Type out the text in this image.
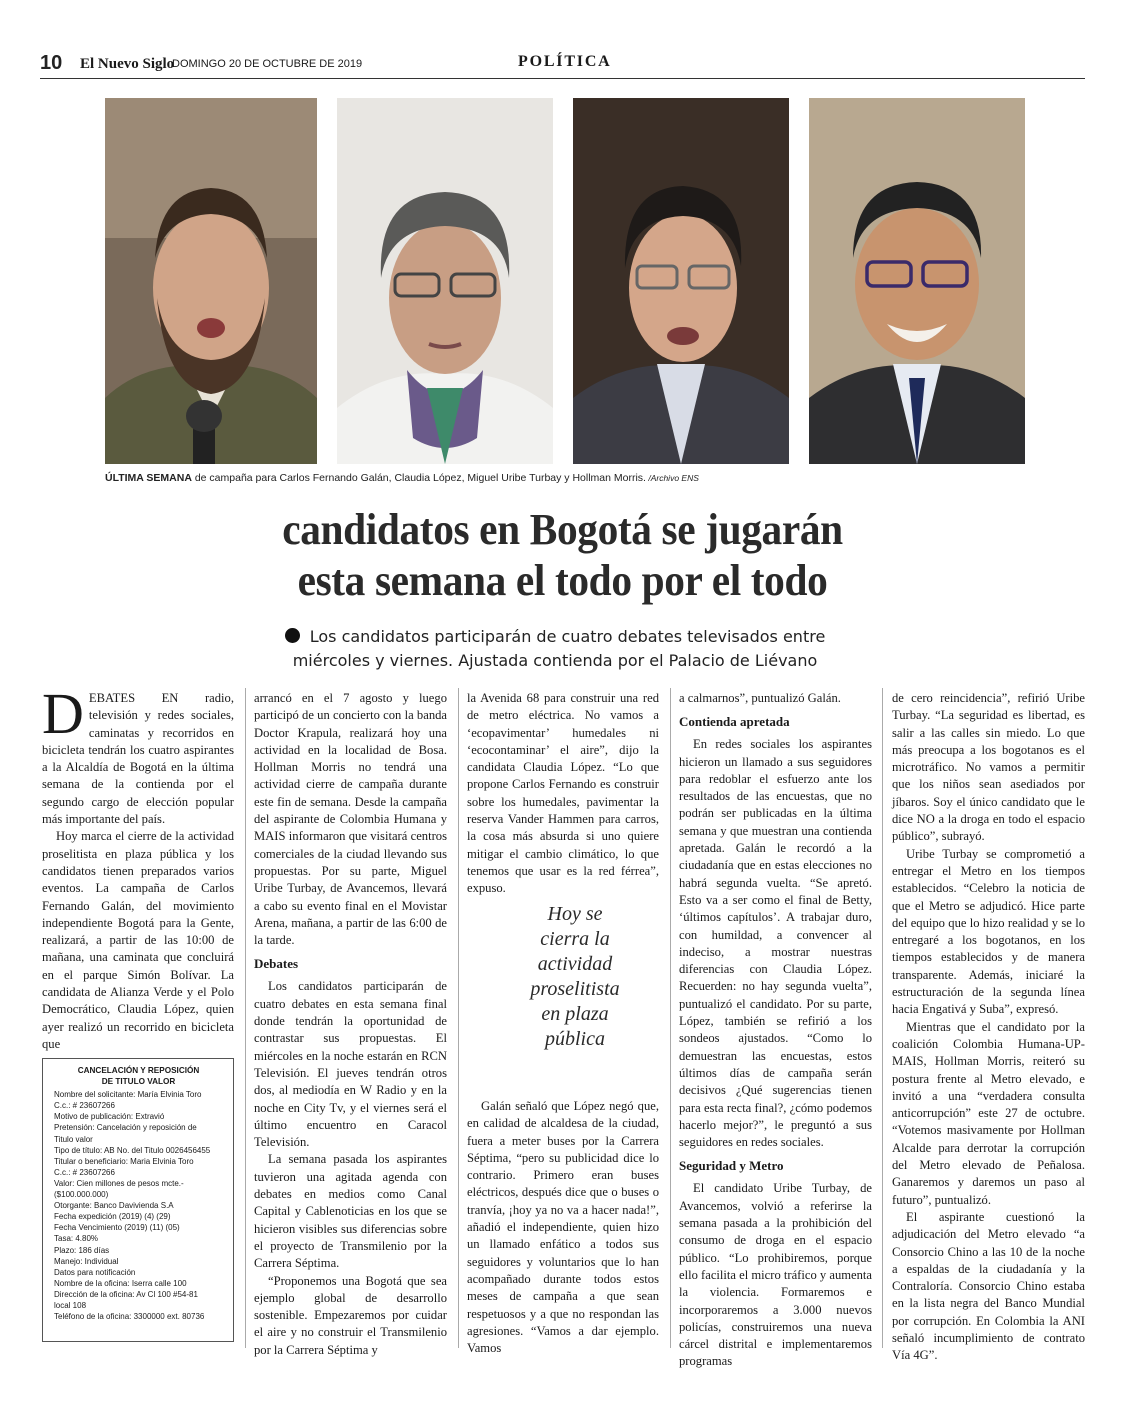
10 El Nuevo Siglo
DOMINGO 20 DE OCTUBRE DE 2019	POLÍTICA
ÚLTIMA SEMANA de campaña para Carlos Fernando Galán, Claudia López, Miguel Uribe Turbay y Hollman Morris. /Archivo ENS
candidatos en Bogotá se jugarán
esta semana el todo por el todo
Los candidatos participarán de cuatro debates televisados entre
miércoles y viernes. Ajustada contienda por el Palacio de Liévano

DEBATES EN radio, televisión y redes sociales, caminatas y recorridos en bicicleta tendrán los cuatro aspirantes a la Alcaldía de Bogotá en la última semana de la contienda por el segundo cargo de elección popular más importante del país.

Hoy marca el cierre de la actividad proselitista en plaza pública y los candidatos tienen preparados varios eventos. La campaña de Carlos Fernando Galán, del movimiento independiente Bogotá para la Gente, realizará, a partir de las 10:00 de mañana, una caminata que concluirá en el parque Simón Bolívar. La candidata de Alianza Verde y el Polo Democrático, Claudia López, quien ayer realizó un recorrido en bicicleta que

CANCELACIÓN Y REPOSICIÓN
DE TITULO VALOR
Nombre del solicitante: María Elvinia Toro
C.c.: # 23607266
Motivo de publicación: Extravió
Pretensión: Cancelación y reposición de
Titulo valor
Tipo de título: AB No. del Titulo 0026456455
Titular o beneficiario: Maria Elvinia Toro
C.c.: # 23607266
Valor: Cien millones de pesos mcte.-
($100.000.000)
Otorgante: Banco Davivienda S.A
Fecha expedición (2019) (4) (29)
Fecha Vencimiento (2019) (11) (05)
Tasa: 4.80%
Plazo: 186 días
Manejo: Individual
Datos para notificación
Nombre de la oficina: Iserra calle 100
Dirección de la oficina: Av Cl 100 #54-81
local 108
Teléfono de la oficina: 3300000 ext. 80736

arrancó en el 7 agosto y luego participó de un concierto con la banda Doctor Krapula, realizará hoy una actividad en la localidad de Bosa. Hollman Morris no tendrá una actividad cierre de campaña durante este fin de semana. Desde la campaña del aspirante de Colombia Humana y MAIS informaron que visitará centros comerciales de la ciudad llevando sus propuestas. Por su parte, Miguel Uribe Turbay, de Avancemos, llevará a cabo su evento final en el Movistar Arena, mañana, a partir de las 6:00 de la tarde.

Debates

Los candidatos participarán de cuatro debates en esta semana final donde tendrán la oportunidad de contrastar sus propuestas. El miércoles en la noche estarán en RCN Televisión. El jueves tendrán otros dos, al mediodía en W Radio y en la noche en City Tv, y el viernes será el último encuentro en Caracol Televisión.

La semana pasada los aspirantes tuvieron una agitada agenda con debates en medios como Canal Capital y Cablenoticias en los que se hicieron visibles sus diferencias sobre el proyecto de Transmilenio por la Carrera Séptima.

“Proponemos una Bogotá que sea ejemplo global de desarrollo sostenible. Empezaremos por cuidar el aire y no construir el Transmilenio por la Carrera Séptima y

la Avenida 68 para construir una red de metro eléctrica. No vamos a ‘ecopavimentar’ humedales ni ‘ecocontaminar’ el aire”, dijo la candidata Claudia López. “Lo que propone Carlos Fernando es construir sobre los humedales, pavimentar la reserva Vander Hammen para carros, la cosa más absurda si uno quiere mitigar el cambio climático, lo que tenemos que usar es la red férrea”, expuso.

Hoy se
cierra la
actividad
proselitista
en plaza
pública

Galán señaló que López negó que, en calidad de alcaldesa de la ciudad, fuera a meter buses por la Carrera Séptima, “pero su publicidad dice lo contrario. Primero eran buses eléctricos, después dice que o buses o tranvía, ¡hoy ya no va a hacer nada!”, añadió el independiente, quien hizo un llamado enfático a todos sus seguidores y voluntarios que lo han acompañado durante todos estos meses de campaña a que sean respetuosos y a que no respondan las agresiones. “Vamos a dar ejemplo. Vamos

a calmarnos”, puntualizó Galán.

Contienda apretada

En redes sociales los aspirantes hicieron un llamado a sus seguidores para redoblar el esfuerzo ante los resultados de las encuestas, que no podrán ser publicadas en la última semana y que muestran una contienda apretada. Galán le recordó a la ciudadanía que en estas elecciones no habrá segunda vuelta. “Se apretó. Esto va a ser como el final de Betty, ‘últimos capítulos’. A trabajar duro, con humildad, a convencer al indeciso, a mostrar nuestras diferencias con Claudia López. Recuerden: no hay segunda vuelta”, puntualizó el candidato. Por su parte, López, también se refirió a los sondeos ajustados. “Como lo demuestran las encuestas, estos últimos días de campaña serán decisivos ¿Qué sugerencias tienen para esta recta final?, ¿cómo podemos hacerlo mejor?”, le preguntó a sus seguidores en redes sociales.

Seguridad y Metro

El candidato Uribe Turbay, de Avancemos, volvió a referirse la semana pasada a la prohibición del consumo de droga en el espacio público. “Lo prohibiremos, porque ello facilita el micro tráfico y aumenta la violencia. Formaremos e incorporaremos a 3.000 nuevos policías, construiremos una nueva cárcel distrital e implementaremos programas

de cero reincidencia”, refirió Uribe Turbay. “La seguridad es libertad, es salir a las calles sin miedo. Lo que más preocupa a los bogotanos es el microtráfico. No vamos a permitir que los niños sean asediados por jíbaros. Soy el único candidato que le dice NO a la droga en todo el espacio público”, subrayó.

Uribe Turbay se comprometió a entregar el Metro en los tiempos establecidos. “Celebro la noticia de que el Metro se adjudicó. Hice parte del equipo que lo hizo realidad y se lo entregaré a los bogotanos, en los tiempos establecidos y de manera transparente. Además, iniciaré la estructuración de la segunda línea hacia Engativá y Suba”, expresó.

Mientras que el candidato por la coalición Colombia Humana-UP-MAIS, Hollman Morris, reiteró su postura frente al Metro elevado, e invitó a una “verdadera consulta anticorrupción” este 27 de octubre. “Votemos masivamente por Hollman Alcalde para derrotar la corrupción del Metro elevado de Peñalosa. Ganaremos y daremos un paso al futuro”, puntualizó.

El aspirante cuestionó la adjudicación del Metro elevado “a Consorcio Chino a las 10 de la noche a espaldas de la ciudadanía y la Contraloría. Consorcio Chino estaba en la lista negra del Banco Mundial por corrupción. En Colombia la ANI señaló incumplimiento de contrato Vía 4G”.
